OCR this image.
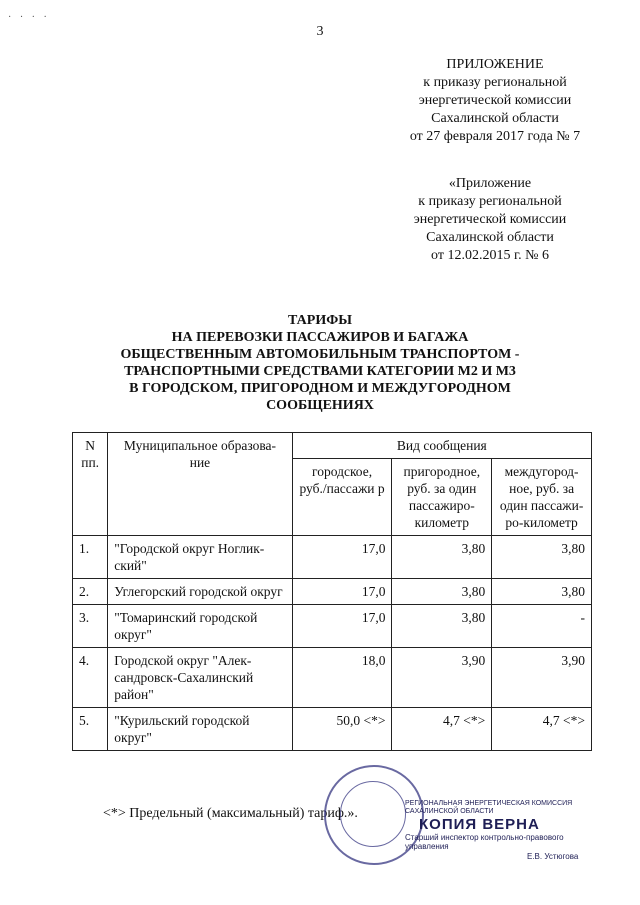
· · · ·
3
ПРИЛОЖЕНИЕ
к приказу региональной
энергетической комиссии
Сахалинской области
от 27 февраля 2017 года № 7
«Приложение
к приказу региональной
энергетической комиссии
Сахалинской области
от 12.02.2015 г. № 6
ТАРИФЫ
НА ПЕРЕВОЗКИ ПАССАЖИРОВ И БАГАЖА
ОБЩЕСТВЕННЫМ АВТОМОБИЛЬНЫМ ТРАНСПОРТОМ -
ТРАНСПОРТНЫМИ СРЕДСТВАМИ КАТЕГОРИИ М2 И М3
В ГОРОДСКОМ, ПРИГОРОДНОМ И МЕЖДУГОРОДНОМ
СООБЩЕНИЯХ
N пп.	Муниципальное образова- ние	Вид сообщения		
		городское, руб./пассажи р	пригородное, руб. за один пассажиро- километр	междугород- ное, руб. за один пассажи- ро-километр
1.	"Городской округ Ноглик- ский"	17,0	3,80	3,80
2.	Углегорский городской округ	17,0	3,80	3,80
3.	"Томаринский городской округ"	17,0	3,80	-
4.	Городской округ "Алек- сандровск-Сахалинский район"	18,0	3,90	3,90
5.	"Курильский городской округ"	50,0 <*>	4,7 <*>	4,7 <*>
<*> Предельный (максимальный) тариф.».
РЕГИОНАЛЬНАЯ ЭНЕРГЕТИЧЕСКАЯ КОМИССИЯ САХАЛИНСКОЙ ОБЛАСТИ
КОПИЯ ВЕРНА
Старший инспектор контрольно-правового управления
Е.В. Устюгова
